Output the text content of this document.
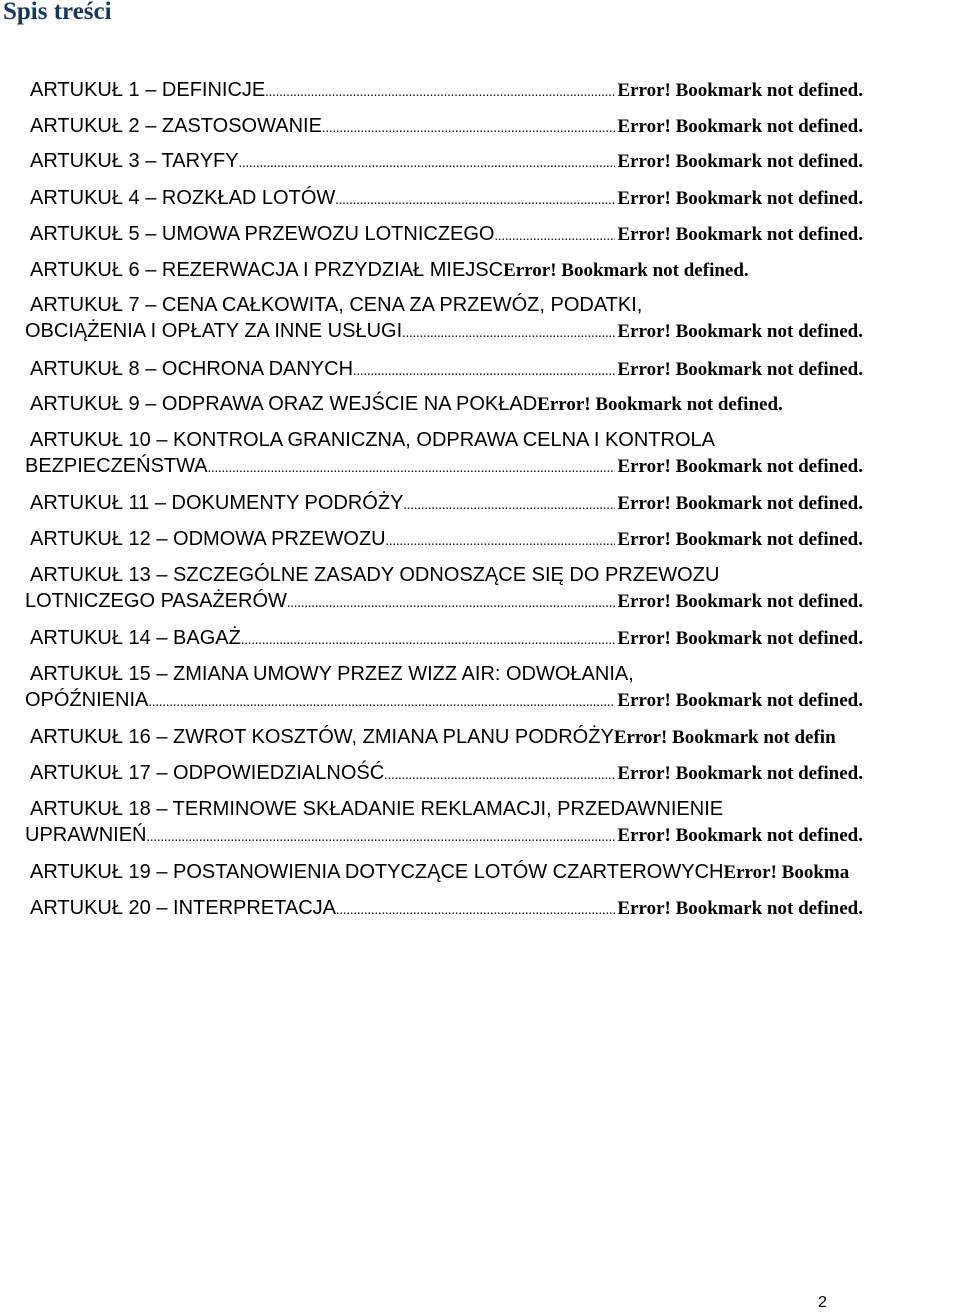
Spis treści
ARTUKUŁ 1 – DEFINICJE .....	Error! Bookmark not defined.
ARTUKUŁ 2 – ZASTOSOWANIE .....	Error! Bookmark not defined.
ARTUKUŁ 3 – TARYFY .....	Error! Bookmark not defined.
ARTUKUŁ 4 – ROZKŁAD LOTÓW .....	Error! Bookmark not defined.
ARTUKUŁ 5 – UMOWA PRZEWOZU LOTNICZEGO .....	Error! Bookmark not defined.
ARTUKUŁ 6 – REZERWACJA I PRZYDZIAŁ MIEJSC Error! Bookmark not defined.
ARTUKUŁ 7 – CENA CAŁKOWITA, CENA ZA PRZEWÓZ, PODATKI,
OBCIĄŻENIA I OPŁATY ZA INNE USŁUGI .....	Error! Bookmark not defined.
ARTUKUŁ 8 – OCHRONA DANYCH .....	Error! Bookmark not defined.
ARTUKUŁ 9 – ODPRAWA ORAZ WEJŚCIE NA POKŁAD Error! Bookmark not defined.
ARTUKUŁ 10 – KONTROLA GRANICZNA, ODPRAWA CELNA I KONTROLA
BEZPIECZEŃSTWA .....	Error! Bookmark not defined.
ARTUKUŁ 11 – DOKUMENTY PODRÓŻY .....	Error! Bookmark not defined.
ARTUKUŁ 12 – ODMOWA PRZEWOZU .....	Error! Bookmark not defined.
ARTUKUŁ 13 – SZCZEGÓLNE ZASADY ODNOSZĄCE SIĘ DO PRZEWOZU
LOTNICZEGO PASAŻERÓW .....	Error! Bookmark not defined.
ARTUKUŁ 14 – BAGAŻ .....	Error! Bookmark not defined.
ARTUKUŁ 15 – ZMIANA UMOWY PRZEZ WIZZ AIR: ODWOŁANIA,
OPÓŹNIENIA .....	Error! Bookmark not defined.
ARTUKUŁ 16 – ZWROT KOSZTÓW, ZMIANA PLANU PODRÓŻY Error! Bookmark not defin
ARTUKUŁ 17 – ODPOWIEDZIALNOŚĆ .....	Error! Bookmark not defined.
ARTUKUŁ 18 – TERMINOWE SKŁADANIE REKLAMACJI, PRZEDAWNIENIE
UPRAWNIEŃ .....	Error! Bookmark not defined.
ARTUKUŁ 19 – POSTANOWIENIA DOTYCZĄCE LOTÓW CZARTEROWYCH Error! Bookma
ARTUKUŁ 20 – INTERPRETACJA .....	Error! Bookmark not defined.
2
